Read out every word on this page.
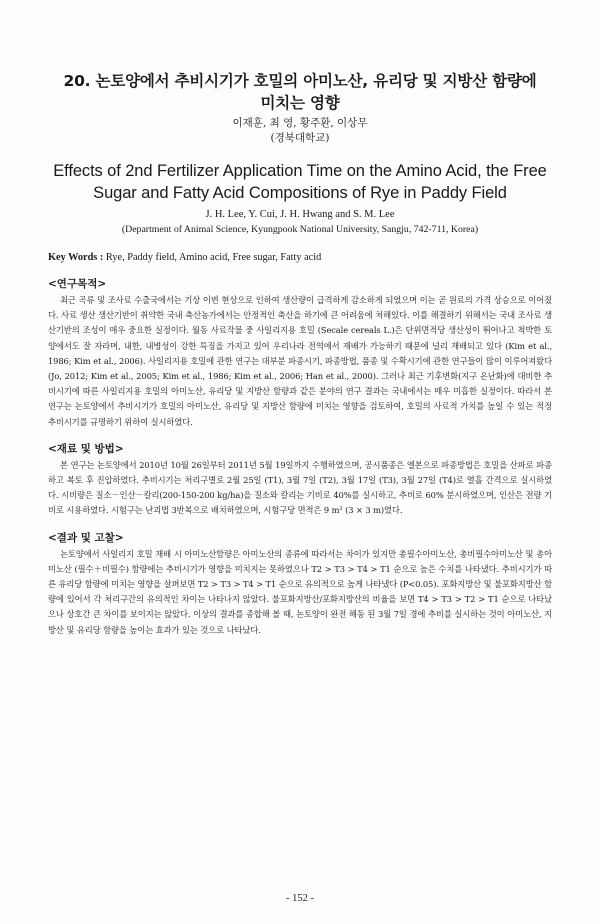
20. 논토양에서 추비시기가 호밀의 아미노산, 유리당 및 지방산 함량에
미치는 영향
이재훈, 최 영, 황주환, 이상무
(경북대학교)
Effects of 2nd Fertilizer Application Time on the Amino Acid, the Free
Sugar and Fatty Acid Compositions of Rye in Paddy Field
J. H. Lee, Y. Cui, J. H. Hwang and S. M. Lee
(Department of Animal Science, Kyungpook National University, Sangju, 742-711, Korea)
Key Words : Rye, Paddy field, Amino acid, Free sugar, Fatty acid
<연구목적>
최근 곡류 및 조사료 수출국에서는 기상 이변 현상으로 인하여 생산량이 급격하게 감소하게 되었으며 이는 곧 원료의 가격 상승으로 이어졌다. 사료 생산 생산기반이 취약한 국내 축산농가에서는 안정적인 축산을 하기에 큰 어려움에 처해있다. 이를 해결하기 위해서는 국내 조사료 생산기반의 조성이 매우 중요한 실정이다. 월동 사료작물 중 사일리지용 호밀 (Secale cereals L.)은 단위면적당 생산성이 뛰어나고 척박한 토양에서도 잘 자라며, 내한, 내병성이 강한 특징을 가지고 있어 우리나라 전역에서 재배가 가능하기 때문에 널리 재배되고 있다 (Kim et al., 1986; Kim et al., 2006). 사일리지용 호밀에 관한 연구는 대부분 파종시기, 파종방법, 품종 및 수확시기에 관한 연구들이 많이 이루어져왔다 (Jo, 2012; Kim et al., 2005; Kim et al., 1986; Kim et al., 2006; Han et al., 2000). 그러나 최근 기후변화(지구 온난화)에 대비한 추비시기에 따른 사일리지용 호밀의 아미노산, 유리당 및 지방산 함량과 같은 분야의 연구 결과는 국내에서는 매우 미흡한 실정이다. 따라서 본 연구는 논토양에서 추비시기가 호밀의 아미노산, 유리당 및 지방산 함량에 미치는 영향을 검토하여, 호밀의 사료적 가치를 높일 수 있는 적정 추비시기를 규명하기 위하여 실시하였다.
<재료 및 방법>
본 연구는 논토양에서 2010년 10월 26일부터 2011년 5월 19일까지 수행하였으며, 공시품종은 엘본으로 파종방법은 호밀을 산파로 파종하고 복토 후 진압하였다. 추비시기는 처리구별로 2월 25일 (T1), 3월 7일 (T2), 3월 17일 (T3), 3월 27일 (T4)로 열흘 간격으로 실시하였다. 시비량은 질소－인산－칼리(200-150-200 kg/ha)을 질소와 칼리는 기비로 40%를 실시하고, 추비로 60% 분시하였으며, 인산은 전량 기비로 시용하였다. 시험구는 난괴법 3반복으로 배치하였으며, 시험구당 면적은 9 m² (3 × 3 m)였다.
<결과 및 고찰>
논토양에서 사일리지 호밀 재배 시 아미노산함량은 아미노산의 종류에 따라서는 차이가 있지만 총필수아미노산, 총비필수아미노산 및 총아미노산 (필수＋비필수) 함량에는 추비시기가 영향을 미치지는 못하였으나 T2 > T3 > T4 > T1 순으로 높은 수치를 나타냈다. 추비시기가 따른 유리당 함량에 미치는 영향을 살펴보면 T2 > T3 > T4 > T1 순으로 유의적으로 높게 나타냈다 (P<0.05). 포화지방산 및 불포화지방산 함량에 있어서 각 처리구간의 유의적인 차이는 나타나지 않았다. 불포화지방산/포화지방산의 비율을 보면 T4 > T3 > T2 > T1 순으로 나타났으나 상호간 큰 차이를 보이지는 않았다. 이상의 결과를 종합해 볼 때, 논토양이 완전 해동 된 3월 7일 경에 추비를 실시하는 것이 아미노산, 지방산 및 유리당 함량을 높이는 효과가 있는 것으로 나타났다.
- 152 -
